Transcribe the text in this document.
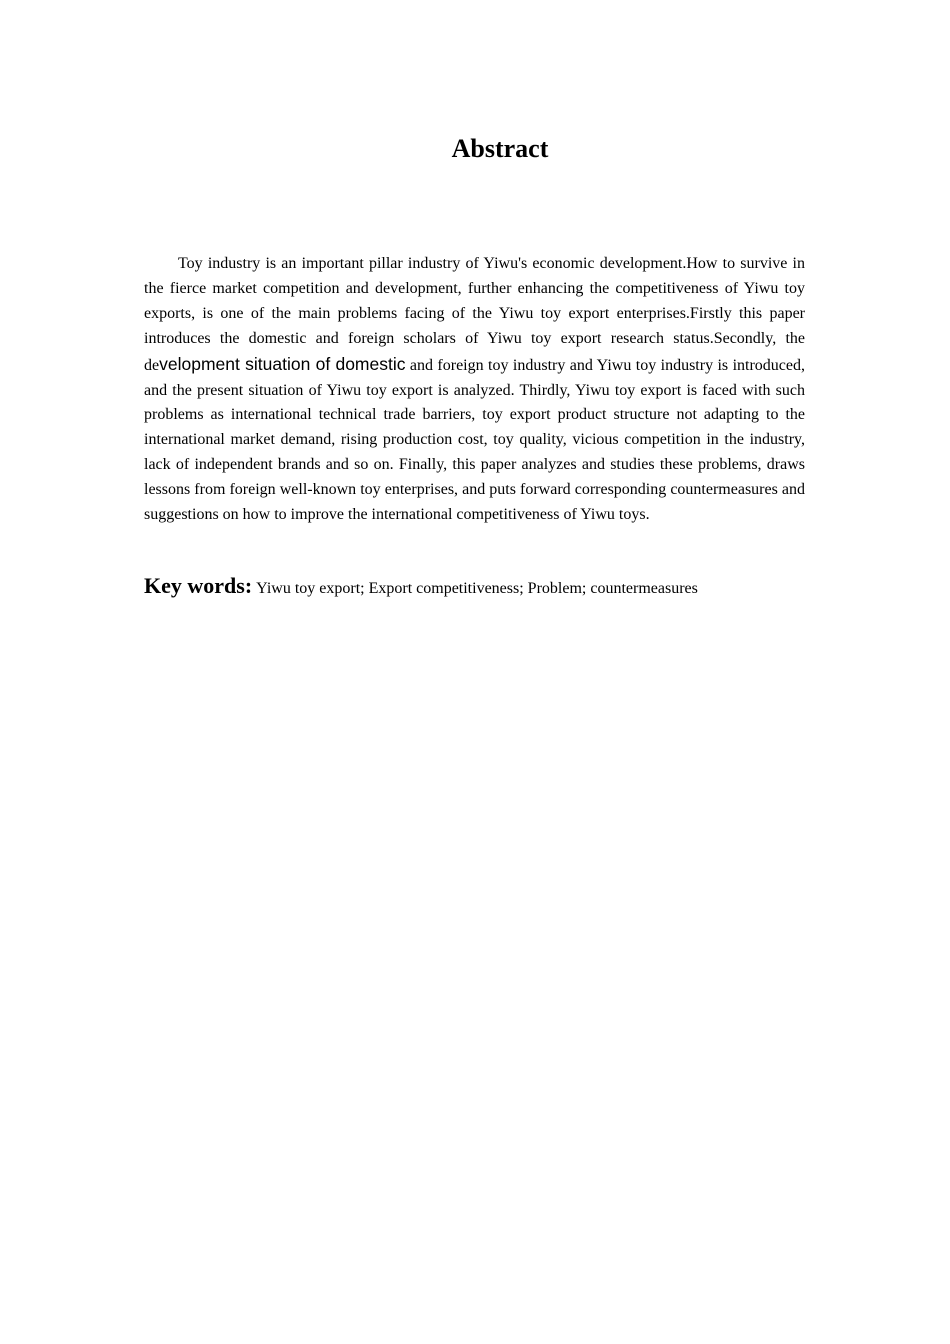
Abstract

Toy industry is an important pillar industry of Yiwu's economic development.How to survive in the fierce market competition and development, further enhancing the competitiveness of Yiwu toy exports, is one of the main problems facing of the Yiwu toy export enterprises.Firstly this paper introduces the domestic and foreign scholars of Yiwu toy export research status.Secondly, the development situation of domestic and foreign toy industry and Yiwu toy industry is introduced, and the present situation of Yiwu toy export is analyzed. Thirdly, Yiwu toy export is faced with such problems as international technical trade barriers, toy export product structure not adapting to the international market demand, rising production cost, toy quality, vicious competition in the industry, lack of independent brands and so on. Finally, this paper analyzes and studies these problems, draws lessons from foreign well-known toy enterprises, and puts forward corresponding countermeasures and suggestions on how to improve the international competitiveness of Yiwu toys.

Key words: Yiwu toy export; Export competitiveness; Problem; countermeasures
